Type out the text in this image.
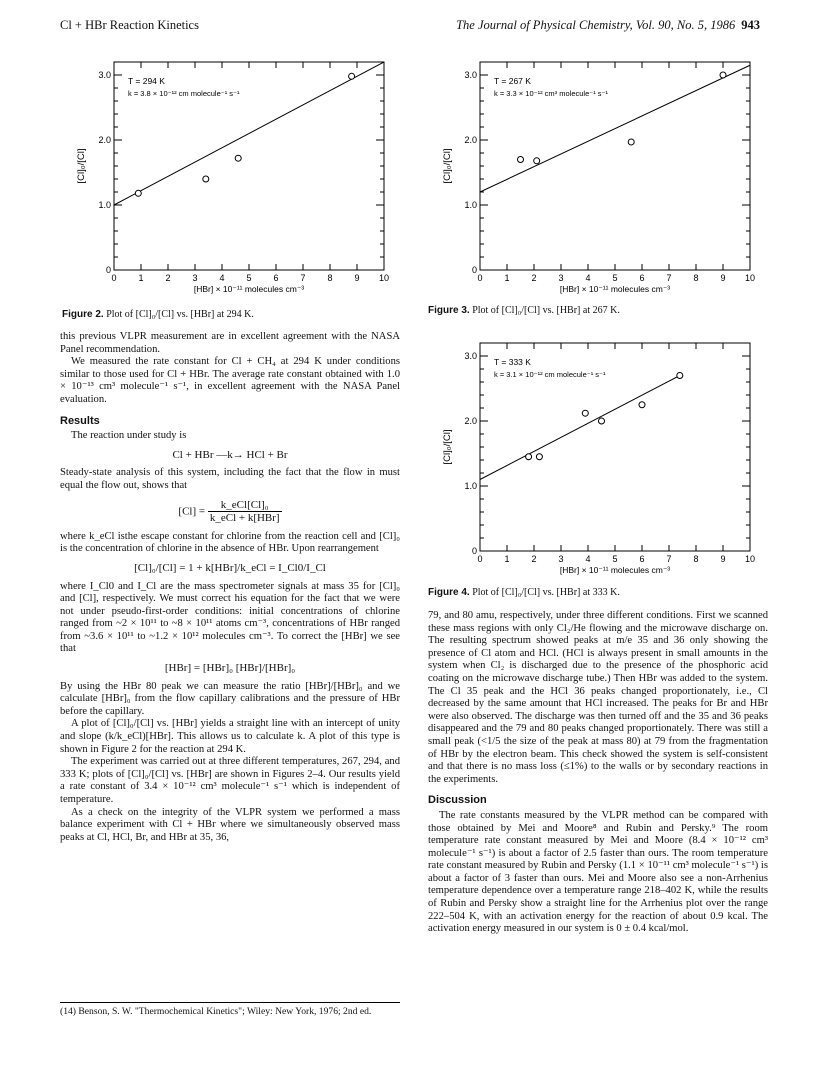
Cl + HBr Reaction Kinetics	The Journal of Physical Chemistry, Vol. 90, No. 5, 1986 943
0 1 2 3 4 5 6 7 8 9 10
0
1.0
2.0
3.0
[HBr] × 10⁻¹¹ molecules cm⁻³
[Cl]₀/[Cl]
T = 294 K
k = 3.8 × 10⁻¹² cm molecule⁻¹ s⁻¹
Figure 2. Plot of [Cl]₀/[Cl] vs. [HBr] at 294 K.
0 1 2 3 4 5 6 7 8 9 10
0
1.0
2.0
3.0
[HBr] × 10⁻¹¹ molecules cm⁻³
[Cl]₀/[Cl]
T = 267 K
k = 3.3 × 10⁻¹² cm³ molecule⁻¹ s⁻¹
Figure 3. Plot of [Cl]₀/[Cl] vs. [HBr] at 267 K.
0 1 2 3 4 5 6 7 8 9 10
0
1.0
2.0
3.0
[HBr] × 10⁻¹¹ molecules cm⁻³
[Cl]₀/[Cl]
T = 333 K
k = 3.1 × 10⁻¹² cm molecule⁻¹ s⁻¹
Figure 4. Plot of [Cl]₀/[Cl] vs. [HBr] at 333 K.

this previous VLPR measurement are in excellent agreement with the NASA Panel recommendation.

We measured the rate constant for Cl + CH₄ at 294 K under conditions similar to those used for Cl + HBr. The average rate constant obtained with 1.0 × 10⁻¹³ cm³ molecule⁻¹ s⁻¹, in excellent agreement with the NASA Panel evaluation.

Results

The reaction under study is

Cl + HBr —k→ HCl + Br

Steady-state analysis of this system, including the fact that the flow in must equal the flow out, shows that

$[Cl] = \frac{\text{k\_eCl[Cl]₀}}{\text{k\_eCl + k[HBr]}}$

where k_eCl isthe escape constant for chlorine from the reaction cell and [Cl]₀ is the concentration of chlorine in the absence of HBr. Upon rearrangement

[Cl]₀/[Cl] = 1 + k[HBr]/k_eCl = I_Cl0/I_Cl

where I_Cl0 and I_Cl are the mass spectrometer signals at mass 35 for [Cl]₀ and [Cl], respectively. We must correct his equation for the fact that we were not under pseudo-first-order conditions: initial concentrations of chlorine ranged from ~2 × 10¹¹ to ~8 × 10¹¹ atoms cm⁻³, concentrations of HBr ranged from ~3.6 × 10¹¹ to ~1.2 × 10¹² molecules cm⁻³. To correct the [HBr] we see that

[HBr] = [HBr]₀ [HBr]/[HBr]₀

By using the HBr 80 peak we can measure the ratio [HBr]/[HBr]₀ and we calculate [HBr]₀ from the flow capillary calibrations and the pressure of HBr before the capillary.

A plot of [Cl]₀/[Cl] vs. [HBr] yields a straight line with an intercept of unity and slope (k/k_eCl)[HBr]. This allows us to calculate k. A plot of this type is shown in Figure 2 for the reaction at 294 K.

The experiment was carried out at three different temperatures, 267, 294, and 333 K; plots of [Cl]₀/[Cl] vs. [HBr] are shown in Figures 2–4. Our results yield a rate constant of 3.4 × 10⁻¹² cm³ molecule⁻¹ s⁻¹ which is independent of temperature.

As a check on the integrity of the VLPR system we performed a mass balance experiment with Cl + HBr where we simultaneously observed mass peaks at Cl, HCl, Br, and HBr at 35, 36,

(14) Benson, S. W. "Thermochemical Kinetics"; Wiley: New York, 1976; 2nd ed.

79, and 80 amu, respectively, under three different conditions. First we scanned these mass regions with only Cl₂/He flowing and the microwave discharge on. The resulting spectrum showed peaks at m/e 35 and 36 only showing the presence of Cl atom and HCl. (HCl is always present in small amounts in the system when Cl₂ is discharged due to the presence of the phosphoric acid coating on the microwave discharge tube.) Then HBr was added to the system. The Cl 35 peak and the HCl 36 peaks changed proportionately, i.e., Cl decreased by the same amount that HCl increased. The peaks for Br and HBr were also observed. The discharge was then turned off and the 35 and 36 peaks disappeared and the 79 and 80 peaks changed proportionately. There was still a small peak (<1/5 the size of the peak at mass 80) at 79 from the fragmentation of HBr by the electron beam. This check showed the system is self-consistent and that there is no mass loss (≤1%) to the walls or by secondary reactions in the experiments.

Discussion

The rate constants measured by the VLPR method can be compared with those obtained by Mei and Moore⁸ and Rubin and Persky.⁹ The room temperature rate constant measured by Mei and Moore (8.4 × 10⁻¹² cm³ molecule⁻¹ s⁻¹) is about a factor of 2.5 faster than ours. The room temperature rate constant measured by Rubin and Persky (1.1 × 10⁻¹¹ cm³ molecule⁻¹ s⁻¹) is about a factor of 3 faster than ours. Mei and Moore also see a non-Arrhenius temperature dependence over a temperature range 218–402 K, while the results of Rubin and Persky show a straight line for the Arrhenius plot over the range 222–504 K, with an activation energy for the reaction of about 0.9 kcal. The activation energy measured in our system is 0 ± 0.4 kcal/mol.
